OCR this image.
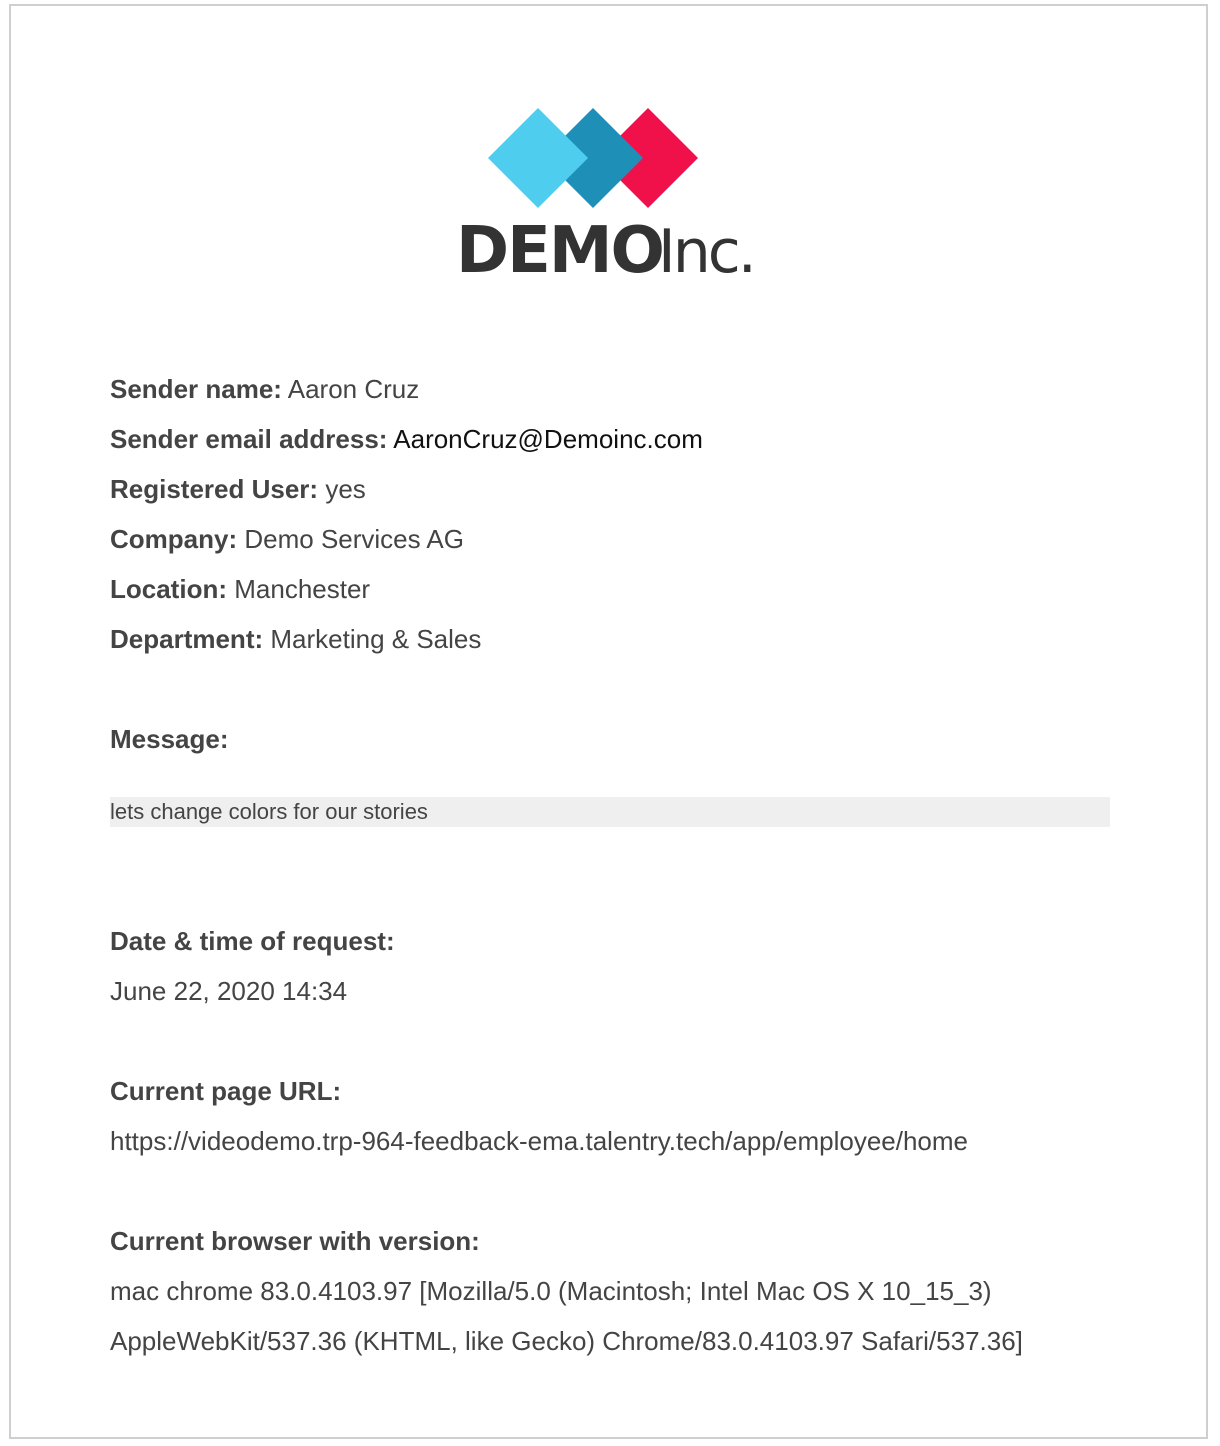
DEMO
Inc.
Sender name: Aaron Cruz
Sender email address: AaronCruz@Demoinc.com
Registered User: yes
Company: Demo Services AG
Location: Manchester
Department: Marketing & Sales
Message:
lets change colors for our stories
Date & time of request:
June 22, 2020 14:34
Current page URL:
https://videodemo.trp-964-feedback-ema.talentry.tech/app/employee/home
Current browser with version:
mac chrome 83.0.4103.97 [Mozilla/5.0 (Macintosh; Intel Mac OS X 10_15_3)
AppleWebKit/537.36 (KHTML, like Gecko) Chrome/83.0.4103.97 Safari/537.36]
